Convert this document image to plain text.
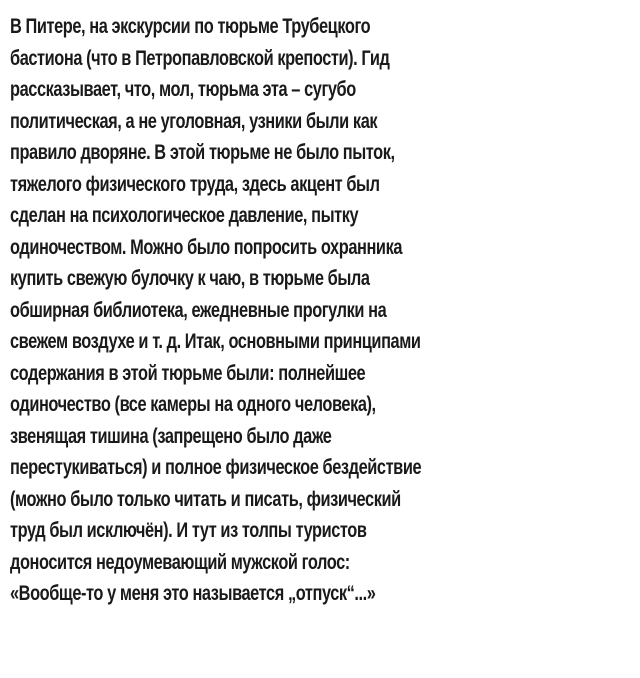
В Питере, на экскурсии по тюрьме Трубецкого
бастиона (что в Петропавловской крепости). Гид
рассказывает, что, мол, тюрьма эта – сугубо
политическая, а не уголовная, узники были как
правило дворяне. В этой тюрьме не было пыток,
тяжелого физического труда, здесь акцент был
сделан на психологическое давление, пытку
одиночеством. Можно было попросить охранника
купить свежую булочку к чаю, в тюрьме была
обширная библиотека, ежедневные прогулки на
свежем воздухе и т. д. Итак, основными принципами
содержания в этой тюрьме были: полнейшее
одиночество (все камеры на одного человека),
звенящая тишина (запрещено было даже
перестукиваться) и полное физическое бездействие
(можно было только читать и писать, физический
труд был исключён). И тут из толпы туристов
доносится недоумевающий мужской голос:
«Вообще-то у меня это называется „отпуск“...»
